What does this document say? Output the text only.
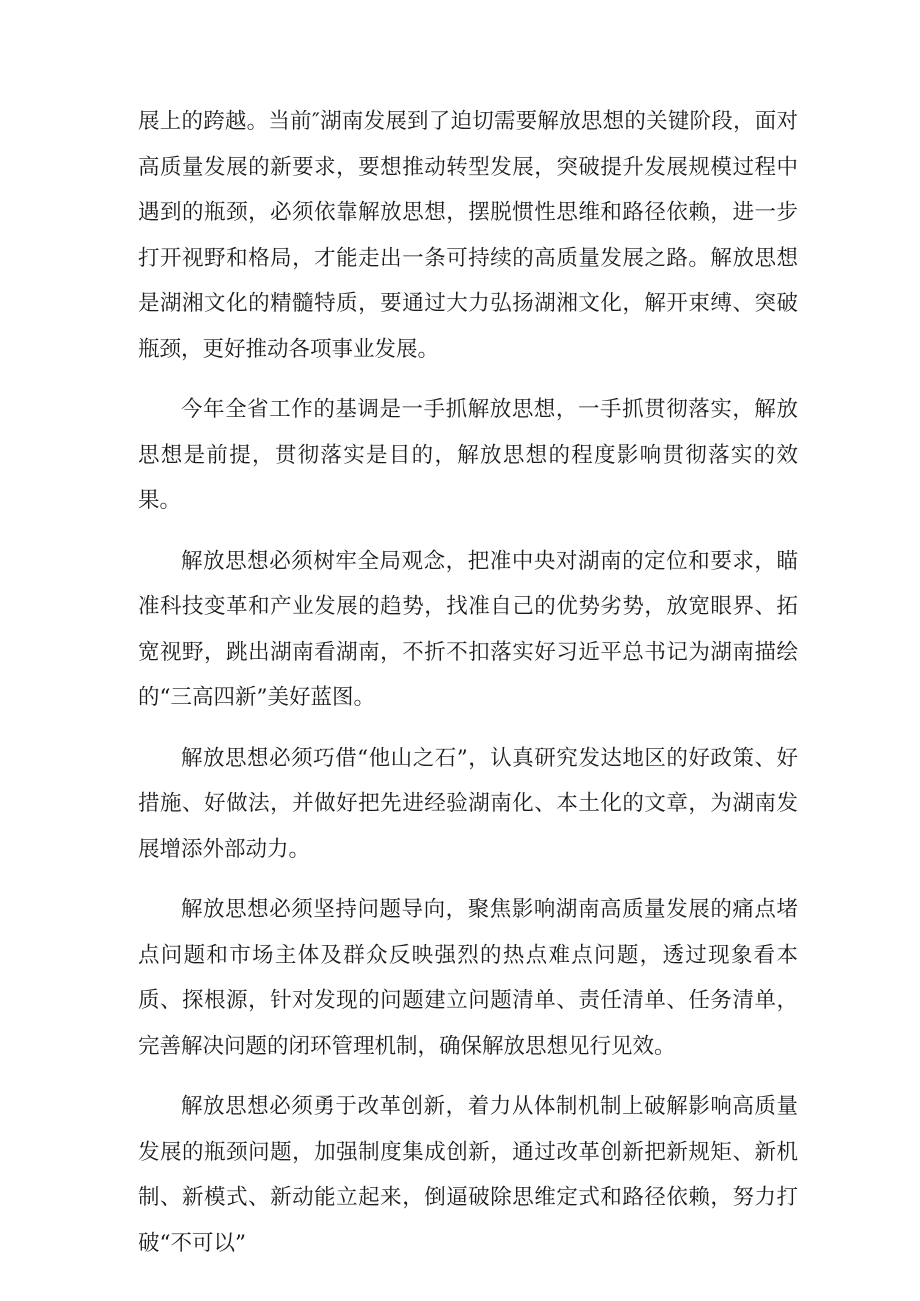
展上的跨越。当前″湖南发展到了迫切需要解放思想的关键阶段，面对高质量发展的新要求，要想推动转型发展，突破提升发展规模过程中遇到的瓶颈，必须依靠解放思想，摆脱惯性思维和路径依赖，进一步打开视野和格局，才能走出一条可持续的高质量发展之路。解放思想是湖湘文化的精髓特质，要通过大力弘扬湖湘文化，解开束缚、突破瓶颈，更好推动各项事业发展。

今年全省工作的基调是一手抓解放思想，一手抓贯彻落实，解放思想是前提，贯彻落实是目的，解放思想的程度影响贯彻落实的效果。

解放思想必须树牢全局观念，把准中央对湖南的定位和要求，瞄准科技变革和产业发展的趋势，找准自己的优势劣势，放宽眼界、拓宽视野，跳出湖南看湖南，不折不扣落实好习近平总书记为湖南描绘的“三高四新”美好蓝图。

解放思想必须巧借“他山之石”，认真研究发达地区的好政策、好措施、好做法，并做好把先进经验湖南化、本土化的文章，为湖南发展增添外部动力。

解放思想必须坚持问题导向，聚焦影响湖南高质量发展的痛点堵点问题和市场主体及群众反映强烈的热点难点问题，透过现象看本质、探根源，针对发现的问题建立问题清单、责任清单、任务清单，完善解决问题的闭环管理机制，确保解放思想见行见效。

解放思想必须勇于改革创新，着力从体制机制上破解影响高质量发展的瓶颈问题，加强制度集成创新，通过改革创新把新规矩、新机制、新模式、新动能立起来，倒逼破除思维定式和路径依赖，努力打破“不可以”
